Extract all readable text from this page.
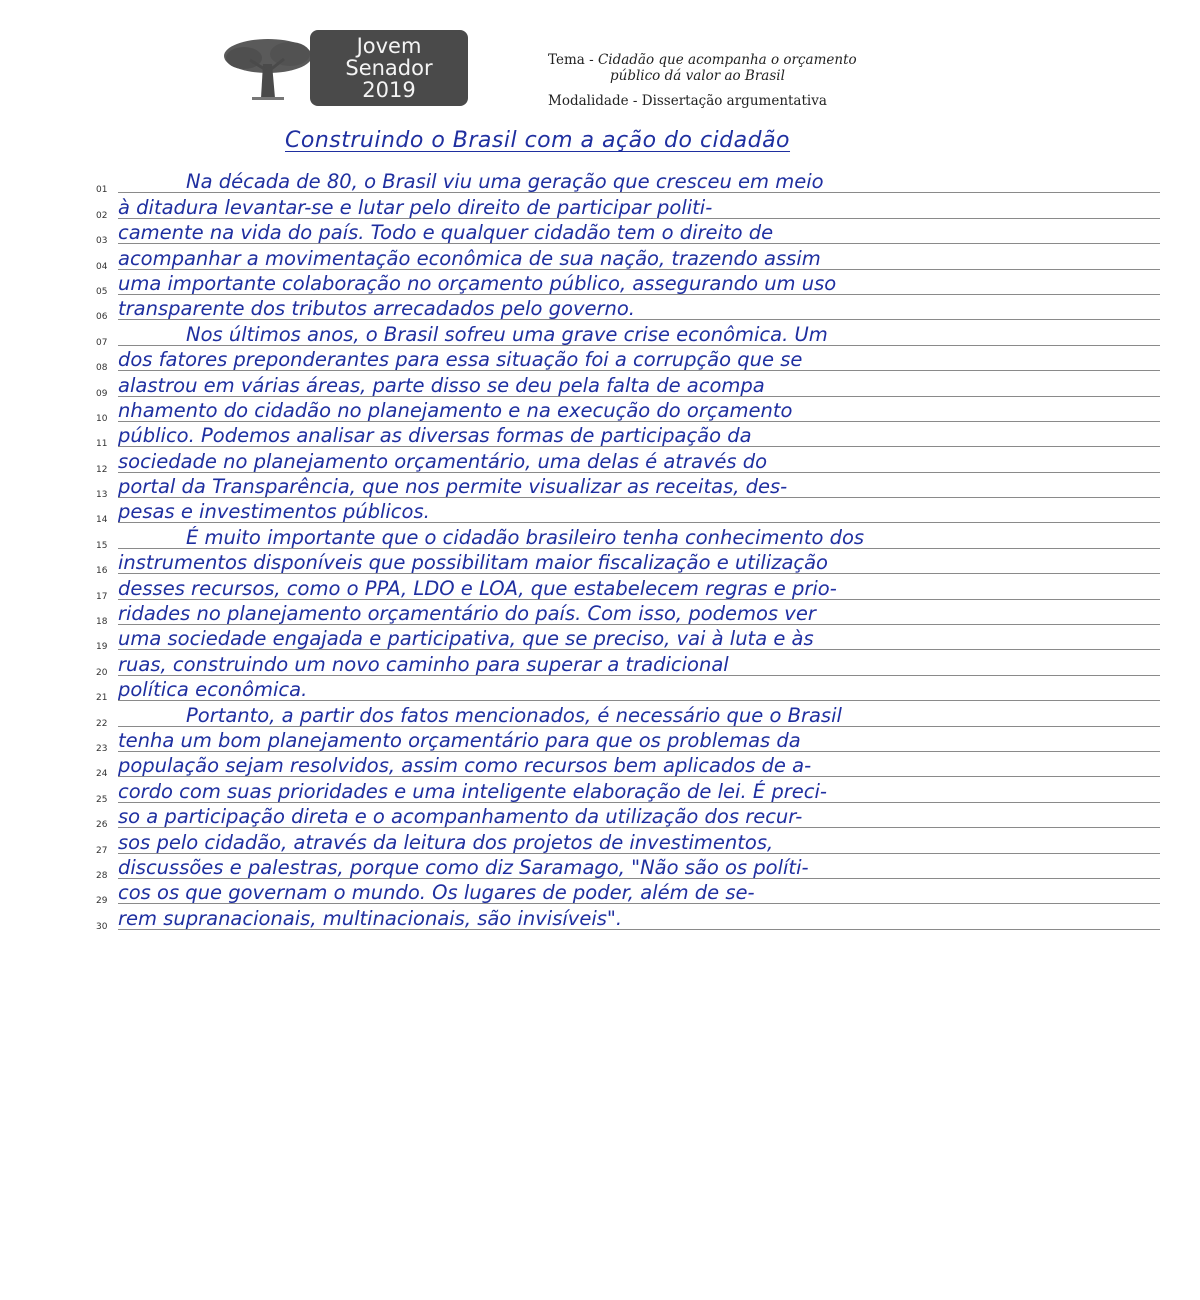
Jovem
Senador
2019
Tema - Cidadão que acompanha o orçamento
público dá valor ao Brasil
Modalidade - Dissertação argumentativa
Construindo o Brasil com a ação do cidadão
01	Na década de 80, o Brasil viu uma geração que cresceu em meio
02 à ditadura levantar-se e lutar pelo direito de participar politi-
03 camente na vida do país. Todo e qualquer cidadão tem o direito de
04 acompanhar a movimentação econômica de sua nação, trazendo assim
05 uma importante colaboração no orçamento público, assegurando um uso
06 transparente dos tributos arrecadados pelo governo.
07	Nos últimos anos, o Brasil sofreu uma grave crise econômica. Um
08 dos fatores preponderantes para essa situação foi a corrupção que se
09 alastrou em várias áreas, parte disso se deu pela falta de acompa
10 nhamento do cidadão no planejamento e na execução do orçamento
11 público. Podemos analisar as diversas formas de participação da
12 sociedade no planejamento orçamentário, uma delas é através do
13 portal da Transparência, que nos permite visualizar as receitas, des-
14 pesas e investimentos públicos.
15	É muito importante que o cidadão brasileiro tenha conhecimento dos
16 instrumentos disponíveis que possibilitam maior fiscalização e utilização
17 desses recursos, como o PPA, LDO e LOA, que estabelecem regras e prio-
18 ridades no planejamento orçamentário do país. Com isso, podemos ver
19 uma sociedade engajada e participativa, que se preciso, vai à luta e às
20 ruas, construindo um novo caminho para superar a tradicional
21 política econômica.
22	Portanto, a partir dos fatos mencionados, é necessário que o Brasil
23 tenha um bom planejamento orçamentário para que os problemas da
24 população sejam resolvidos, assim como recursos bem aplicados de a-
25 cordo com suas prioridades e uma inteligente elaboração de lei. É preci-
26 so a participação direta e o acompanhamento da utilização dos recur-
27 sos pelo cidadão, através da leitura dos projetos de investimentos,
28 discussões e palestras, porque como diz Saramago, "Não são os políti-
29 cos os que governam o mundo. Os lugares de poder, além de se-
30 rem supranacionais, multinacionais, são invisíveis".
